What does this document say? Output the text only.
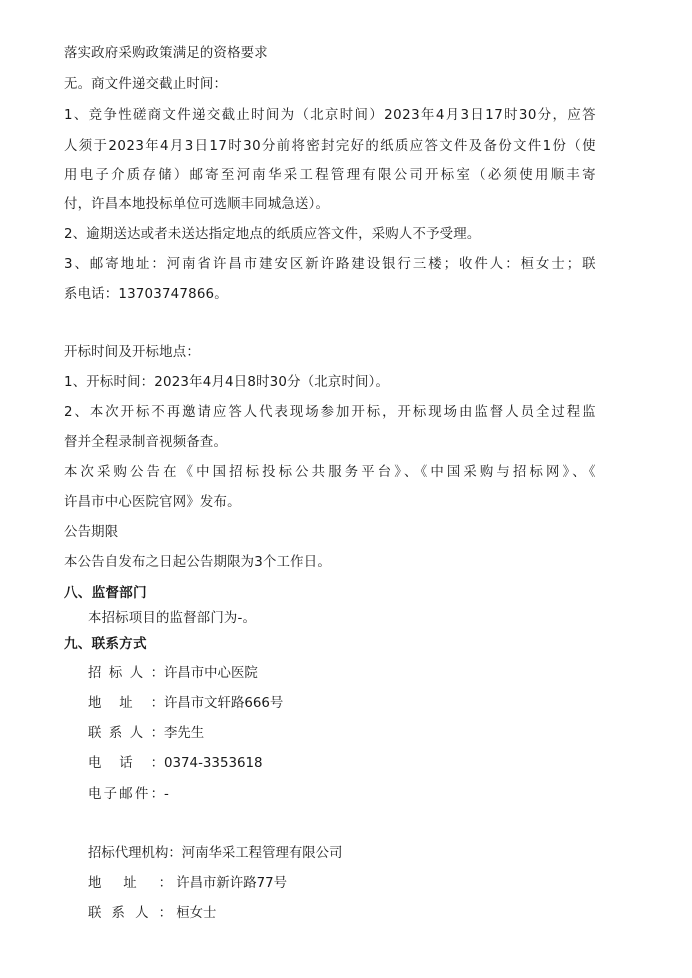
落实政府采购政策满足的资格要求
无。商文件递交截止时间：
1、竞争性磋商文件递交截止时间为（北京时间）2023年4月3日17时30分，应答
人须于2023年4月3日17时30分前将密封完好的纸质应答文件及备份文件1份（使
用电子介质存储）邮寄至河南华采工程管理有限公司开标室（必须使用顺丰寄
付，许昌本地投标单位可选顺丰同城急送）。
2、逾期送达或者未送达指定地点的纸质应答文件，采购人不予受理。
3、邮寄地址：河南省许昌市建安区新许路建设银行三楼；收件人：桓女士；联
系电话：13703747866。
开标时间及开标地点：
1、开标时间：2023年4月4日8时30分（北京时间）。
2、本次开标不再邀请应答人代表现场参加开标，开标现场由监督人员全过程监
督并全程录制音视频备查。
本次采购公告在《中国招标投标公共服务平台》、《中国采购与招标网》、《
许昌市中心医院官网》发布。
公告期限
本公告自发布之日起公告期限为3个工作日。
八、监督部门
本招标项目的监督部门为-。
九、联系方式
招标人：许昌市中心医院
地址：许昌市文轩路666号
联系人：李先生
电话：0374-3353618
电子邮件：-
招标代理机构：河南华采工程管理有限公司
地址： 许昌市新许路77号
联系人： 桓女士
